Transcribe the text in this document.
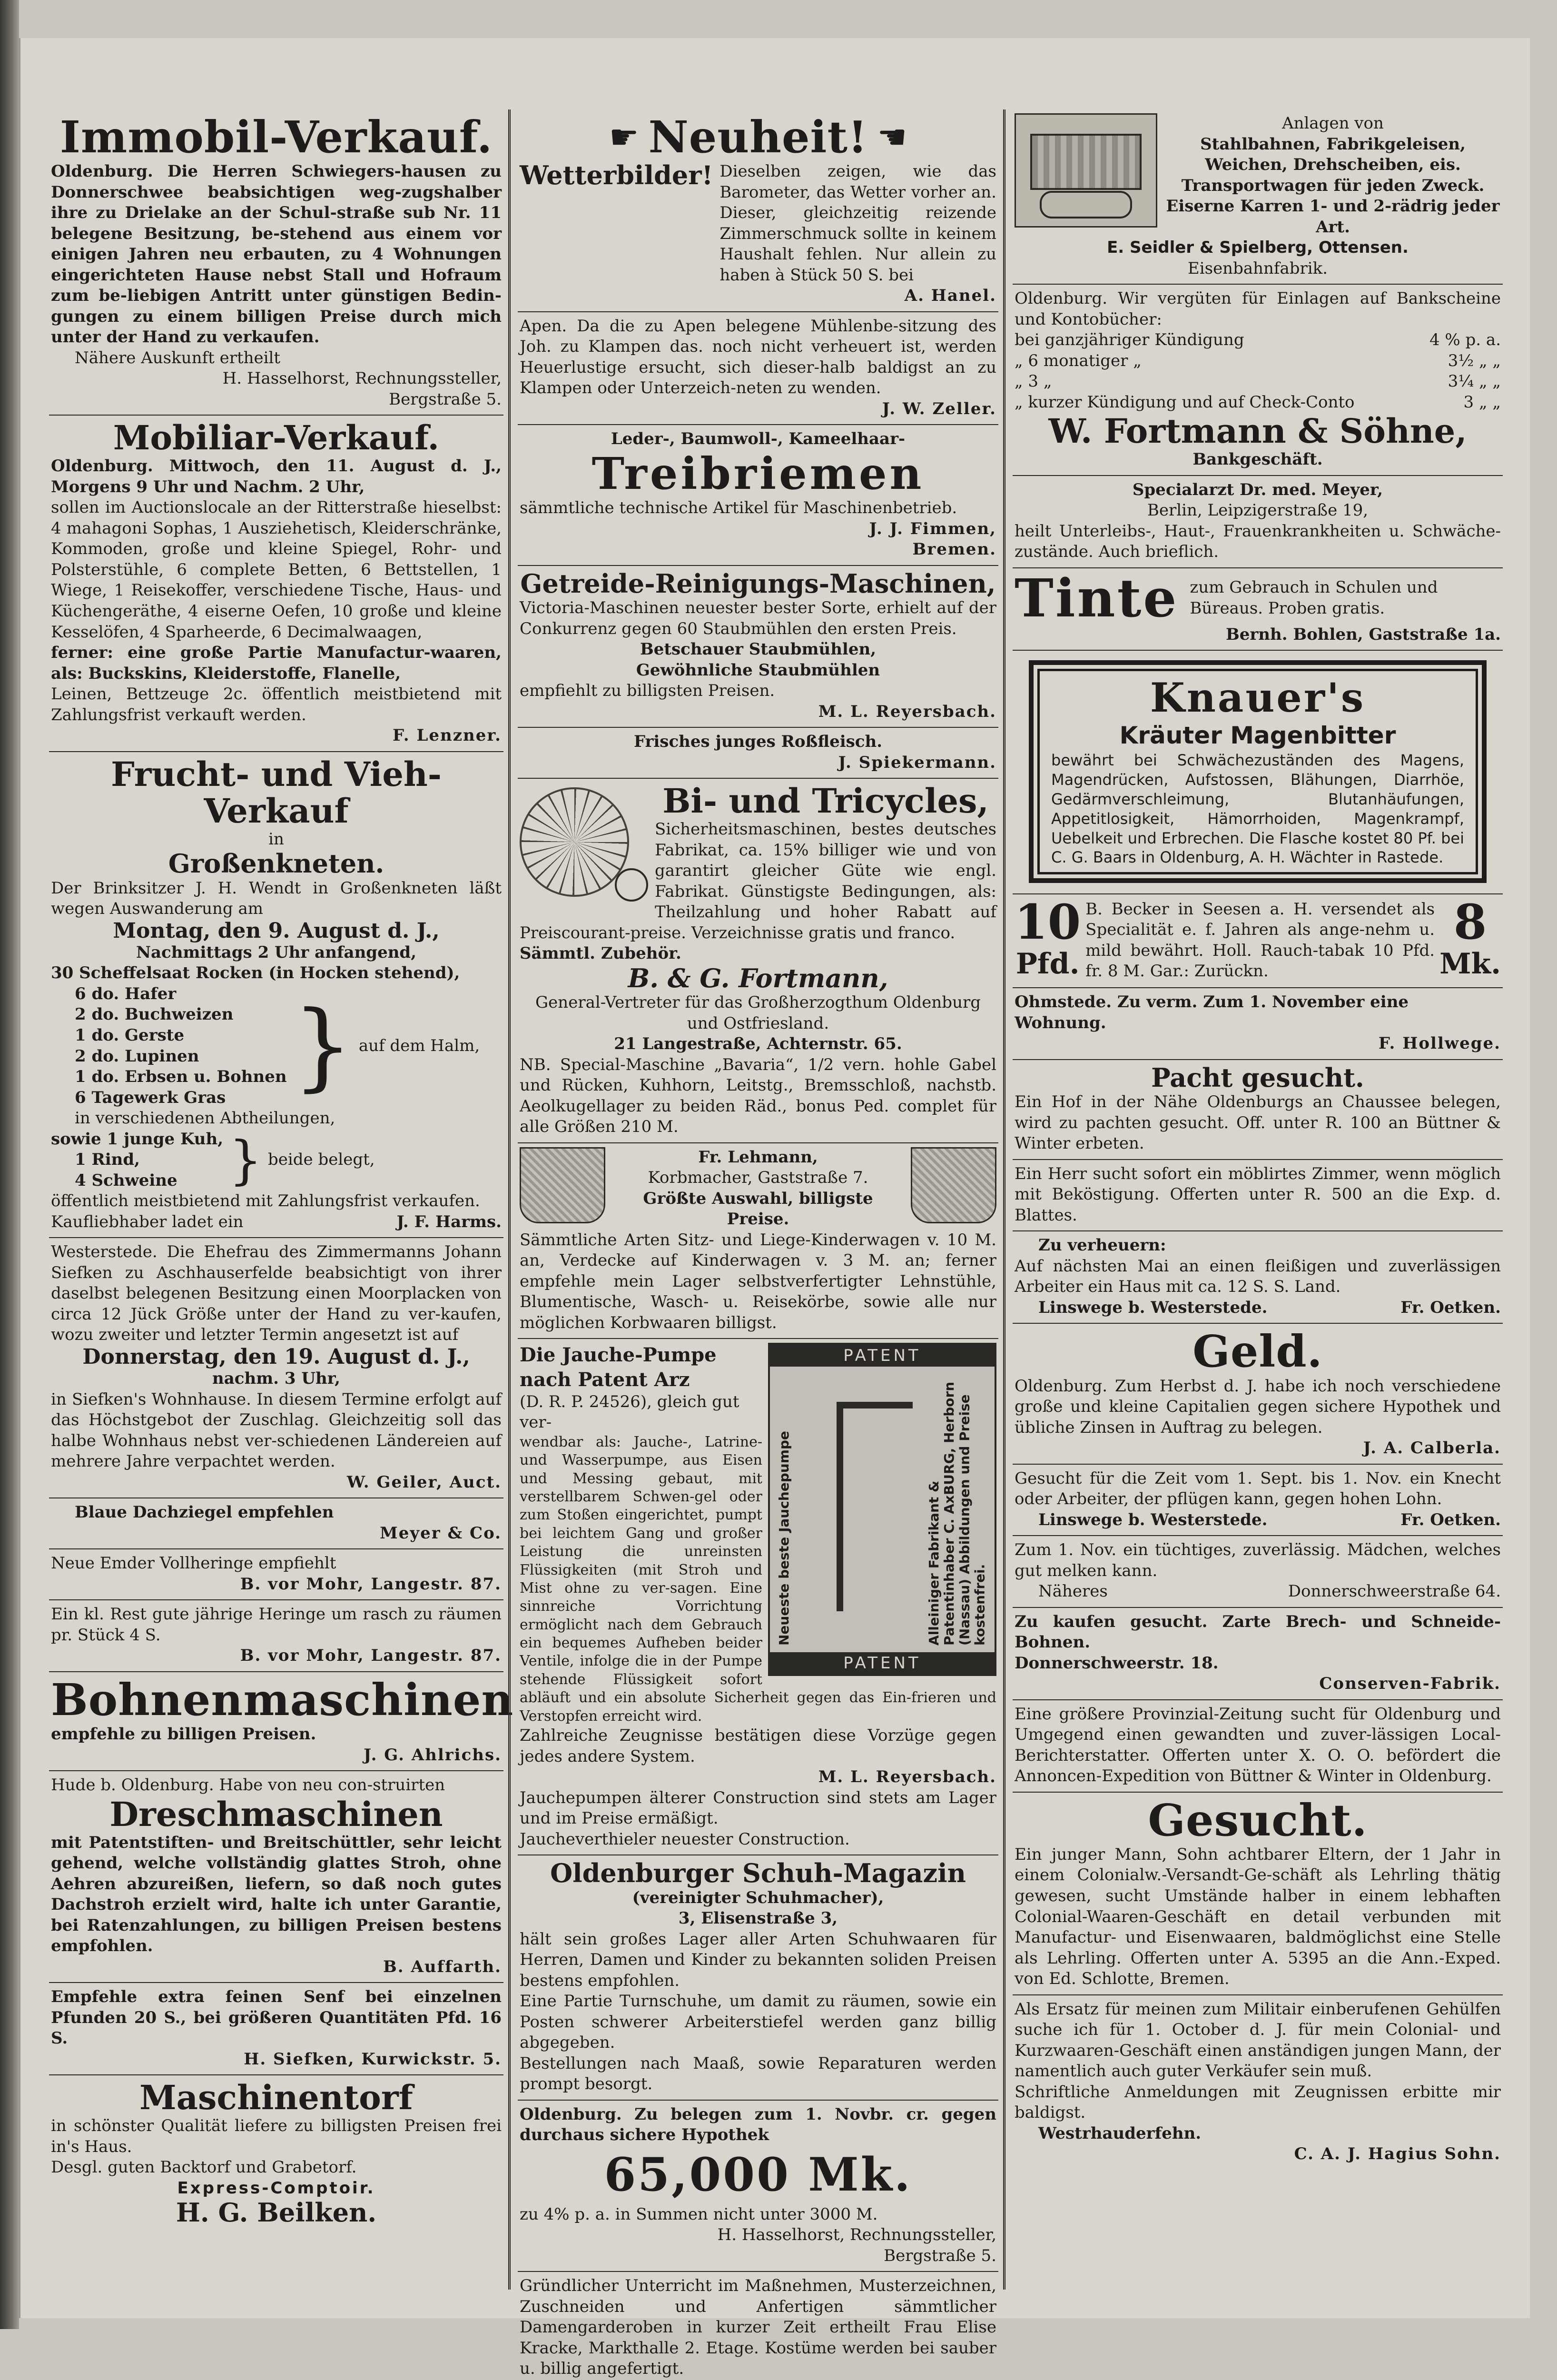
Immobil-Verkauf.
Oldenburg. Die Herren Schwiegers-hausen zu Donnerschwee beabsichtigen weg-zugshalber ihre zu Drielake an der Schul-straße sub Nr. 11 belegene Besitzung, be-stehend aus einem vor einigen Jahren neu erbauten, zu 4 Wohnungen eingerichteten Hause nebst Stall und Hofraum zum be-liebigen Antritt unter günstigen Bedin-gungen zu einem billigen Preise durch mich unter der Hand zu verkaufen.
Nähere Auskunft ertheilt
H. Hasselhorst, Rechnungssteller,
Bergstraße 5.
Mobiliar-Verkauf.
Oldenburg. Mittwoch, den 11. August d. J., Morgens 9 Uhr und Nachm. 2 Uhr,
sollen im Auctionslocale an der Ritterstraße hieselbst: 4 mahagoni Sophas, 1 Ausziehetisch, Kleiderschränke, Kommoden, große und kleine Spiegel, Rohr- und Polsterstühle, 6 complete Betten, 6 Bettstellen, 1 Wiege, 1 Reisekoffer, verschiedene Tische, Haus- und Küchengeräthe, 4 eiserne Oefen, 10 große und kleine Kesselöfen, 4 Sparheerde, 6 Decimalwaagen,
ferner: eine große Partie Manufactur-waaren, als: Buckskins, Kleiderstoffe, Flanelle,
Leinen, Bettzeuge 2c. öffentlich meistbietend mit Zahlungsfrist verkauft werden.
F. Lenzner.
Frucht- und Vieh-Verkauf
in
Großenkneten.
Der Brinksitzer J. H. Wendt in Großenkneten läßt wegen Auswanderung am
Montag, den 9. August d. J.,
Nachmittags 2 Uhr anfangend,
30 Scheffelsaat Rocken (in Hocken stehend),
6 do. Hafer
2 do. Buchweizen
1 do. Gerste
2 do. Lupinen
1 do. Erbsen u. Bohnen
6 Tagewerk Gras } auf dem Halm,
in verschiedenen Abtheilungen,
sowie 1 junge Kuh,
1 Rind,
4 Schweine } beide belegt,
öffentlich meistbietend mit Zahlungsfrist verkaufen.
Kaufliebhaber ladet ein	J. F. Harms.
Westerstede. Die Ehefrau des Zimmermanns Johann Siefken zu Aschhauserfelde beabsichtigt von ihrer daselbst belegenen Besitzung einen Moorplacken von circa 12 Jück Größe unter der Hand zu ver-kaufen, wozu zweiter und letzter Termin angesetzt ist auf
Donnerstag, den 19. August d. J.,
nachm. 3 Uhr,
in Siefken's Wohnhause. In diesem Termine erfolgt auf das Höchstgebot der Zuschlag. Gleichzeitig soll das halbe Wohnhaus nebst ver-schiedenen Ländereien auf mehrere Jahre verpachtet werden.
W. Geiler, Auct.
Blaue Dachziegel empfehlen
Meyer & Co.
Neue Emder Vollheringe empfiehlt
B. vor Mohr, Langestr. 87.
Ein kl. Rest gute jährige Heringe um rasch zu räumen pr. Stück 4 S.
B. vor Mohr, Langestr. 87.
Bohnenmaschinen
empfehle zu billigen Preisen.
J. G. Ahlrichs.
Hude b. Oldenburg. Habe von neu con-struirten
Dreschmaschinen
mit Patentstiften- und Breitschüttler, sehr leicht gehend, welche vollständig glattes Stroh, ohne Aehren abzureißen, liefern, so daß noch gutes Dachstroh erzielt wird, halte ich unter Garantie, bei Ratenzahlungen, zu billigen Preisen bestens empfohlen.
B. Auffarth.
Empfehle extra feinen Senf bei einzelnen Pfunden 20 S., bei größeren Quantitäten Pfd. 16 S.
H. Siefken, Kurwickstr. 5.
Maschinentorf
in schönster Qualität liefere zu billigsten Preisen frei in's Haus.
Desgl. guten Backtorf und Grabetorf.
Express-Comptoir.
H. G. Beilken.
☛ Neuheit! ☚
Wetterbilder! Dieselben zeigen, wie das Barometer, das Wetter vorher an. Dieser, gleichzeitig reizende Zimmerschmuck sollte in keinem Haushalt fehlen. Nur allein zu haben à Stück 50 S. bei
A. Hanel.
Apen. Da die zu Apen belegene Mühlenbe-sitzung des Joh. zu Klampen das. noch nicht verheuert ist, werden Heuerlustige ersucht, sich dieser-halb baldigst an zu Klampen oder Unterzeich-neten zu wenden.
J. W. Zeller.
Leder-, Baumwoll-, Kameelhaar-
Treibriemen
sämmtliche technische Artikel für Maschinenbetrieb.
J. J. Fimmen,
Bremen.
Getreide-Reinigungs-Maschinen,
Victoria-Maschinen neuester bester Sorte, erhielt auf der Conkurrenz gegen 60 Staubmühlen den ersten Preis.
Betschauer Staubmühlen,
Gewöhnliche Staubmühlen
empfiehlt zu billigsten Preisen.
M. L. Reyersbach.
Frisches junges Roßfleisch.
J. Spiekermann.
Bi- und Tricycles,
Sicherheitsmaschinen, bestes deutsches Fabrikat, ca. 15% billiger wie und von garantirt gleicher Güte wie engl. Fabrikat. Günstigste Bedingungen, als: Theilzahlung und hoher Rabatt auf Preiscourant-preise. Verzeichnisse gratis und franco.
Sämmtl. Zubehör.
B. & G. Fortmann,
General-Vertreter für das Großherzogthum Oldenburg und Ostfriesland.
21 Langestraße, Achternstr. 65.
NB. Special-Maschine „Bavaria“, 1/2 vern. hohle Gabel und Rücken, Kuhhorn, Leitstg., Bremsschloß, nachstb. Aeolkugellager zu beiden Räd., bonus Ped. complet für alle Größen 210 M.
Fr. Lehmann,
Korbmacher, Gaststraße 7.
Größte Auswahl, billigste Preise.
Sämmtliche Arten Sitz- und Liege-Kinderwagen v. 10 M. an, Verdecke auf Kinderwagen v. 3 M. an; ferner empfehle mein Lager selbstverfertigter Lehnstühle, Blumentische, Wasch- u. Reisekörbe, sowie alle nur möglichen Korbwaaren billigst.
PATENT
Neueste beste Jauchepumpe	Alleiniger Fabrikant & Patentinhaber C. AxBURG, Herborn (Nassau) Abbildungen und Preise kostenfrei.
PATENT
Die Jauche-Pumpe nach Patent Arz
(D. R. P. 24526), gleich gut ver-
wendbar als: Jauche-, Latrine- und Wasserpumpe, aus Eisen und Messing gebaut, mit verstellbarem Schwen-gel oder zum Stoßen eingerichtet, pumpt bei leichtem Gang und großer Leistung die unreinsten Flüssigkeiten (mit Stroh und Mist ohne zu ver-sagen. Eine sinnreiche Vorrichtung ermöglicht nach dem Gebrauch ein bequemes Aufheben beider Ventile, infolge die in der Pumpe stehende Flüssigkeit sofort abläuft und ein absolute Sicherheit gegen das Ein-frieren und Verstopfen erreicht wird.
Zahlreiche Zeugnisse bestätigen diese Vorzüge gegen jedes andere System.
M. L. Reyersbach.
Jauchepumpen älterer Construction sind stets am Lager und im Preise ermäßigt.
Jaucheverthieler neuester Construction.
Oldenburger Schuh-Magazin
(vereinigter Schuhmacher),
3, Elisenstraße 3,
hält sein großes Lager aller Arten Schuhwaaren für Herren, Damen und Kinder zu bekannten soliden Preisen bestens empfohlen.
Eine Partie Turnschuhe, um damit zu räumen, sowie ein Posten schwerer Arbeiterstiefel werden ganz billig abgegeben.
Bestellungen nach Maaß, sowie Reparaturen werden prompt besorgt.
Oldenburg. Zu belegen zum 1. Novbr. cr. gegen durchaus sichere Hypothek
65,000 Mk.
zu 4% p. a. in Summen nicht unter 3000 M.
H. Hasselhorst, Rechnungssteller,
Bergstraße 5.
Gründlicher Unterricht im Maßnehmen, Musterzeichnen, Zuschneiden und Anfertigen sämmtlicher Damengarderoben in kurzer Zeit ertheilt Frau Elise Kracke, Markthalle 2. Etage. Kostüme werden bei sauber u. billig angefertigt.
Anlagen von
Stahlbahnen, Fabrikgeleisen, Weichen, Drehscheiben, eis. Transportwagen für jeden Zweck. Eiserne Karren 1- und 2-rädrig jeder Art.
E. Seidler & Spielberg, Ottensen.
Eisenbahnfabrik.
Oldenburg. Wir vergüten für Einlagen auf Bankscheine und Kontobücher:
bei ganzjähriger Kündigung	4 % p. a.
„ 6 monatiger „	3½ „ „
„ 3 „	3¼ „ „
„ kurzer Kündigung und auf Check-Conto	3 „ „
W. Fortmann & Söhne,
Bankgeschäft.
Specialarzt Dr. med. Meyer,
Berlin, Leipzigerstraße 19,
heilt Unterleibs-, Haut-, Frauenkrankheiten u. Schwäche-zustände. Auch brieflich.
Tinte zum Gebrauch in Schulen und Büreaus. Proben gratis.
Bernh. Bohlen, Gaststraße 1a.
Knauer's
Kräuter Magenbitter
bewährt bei Schwächezuständen des Magens, Magendrücken, Aufstossen, Blähungen, Diarrhöe, Gedärmverschleimung, Blutanhäufungen, Appetitlosigkeit, Hämorrhoiden, Magenkrampf, Uebelkeit und Erbrechen. Die Flasche kostet 80 Pf. bei C. G. Baars in Oldenburg, A. H. Wächter in Rastede.
10
Pfd.
B. Becker in Seesen a. H. versendet als Specialität e. f. Jahren als ange-nehm u. mild bewährt. Holl. Rauch-tabak 10 Pfd. fr. 8 M. Gar.: Zurückn.
8
Mk.
Ohmstede. Zu verm. Zum 1. November eine Wohnung.
F. Hollwege.
Pacht gesucht.
Ein Hof in der Nähe Oldenburgs an Chaussee belegen, wird zu pachten gesucht. Off. unter R. 100 an Büttner & Winter erbeten.
Ein Herr sucht sofort ein möblirtes Zimmer, wenn möglich mit Beköstigung. Offerten unter R. 500 an die Exp. d. Blattes.
Zu verheuern:
Auf nächsten Mai an einen fleißigen und zuverlässigen Arbeiter ein Haus mit ca. 12 S. S. Land.
Linswege b. Westerstede.	Fr. Oetken.
Geld.
Oldenburg. Zum Herbst d. J. habe ich noch verschiedene große und kleine Capitalien gegen sichere Hypothek und übliche Zinsen in Auftrag zu belegen.
J. A. Calberla.
Gesucht für die Zeit vom 1. Sept. bis 1. Nov. ein Knecht oder Arbeiter, der pflügen kann, gegen hohen Lohn.
Linswege b. Westerstede.	Fr. Oetken.
Zum 1. Nov. ein tüchtiges, zuverlässig. Mädchen, welches gut melken kann.
Näheres	Donnerschweerstraße 64.
Zu kaufen gesucht. Zarte Brech- und Schneide-Bohnen.
Donnerschweerstr. 18.
Conserven-Fabrik.
Eine größere Provinzial-Zeitung sucht für Oldenburg und Umgegend einen gewandten und zuver-lässigen Local-Berichterstatter. Offerten unter X. O. O. befördert die Annoncen-Expedition von Büttner & Winter in Oldenburg.
Gesucht.
Ein junger Mann, Sohn achtbarer Eltern, der 1 Jahr in einem Colonialw.-Versandt-Ge-schäft als Lehrling thätig gewesen, sucht Umstände halber in einem lebhaften Colonial-Waaren-Geschäft en detail verbunden mit Manufactur- und Eisenwaaren, baldmöglichst eine Stelle als Lehrling. Offerten unter A. 5395 an die Ann.-Exped. von Ed. Schlotte, Bremen.
Als Ersatz für meinen zum Militair einberufenen Gehülfen suche ich für 1. October d. J. für mein Colonial- und Kurzwaaren-Geschäft einen anständigen jungen Mann, der namentlich auch guter Verkäufer sein muß.
Schriftliche Anmeldungen mit Zeugnissen erbitte mir baldigst.
Westrhauderfehn.
C. A. J. Hagius Sohn.
